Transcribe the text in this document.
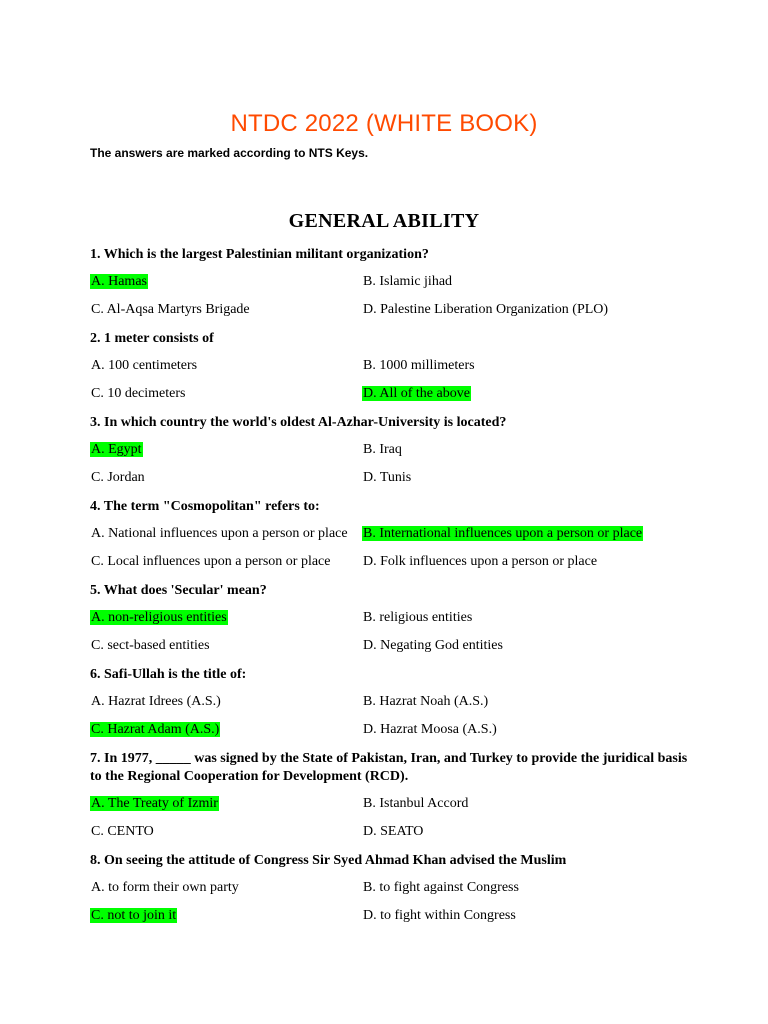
NTDC 2022 (WHITE BOOK)
The answers are marked according to NTS Keys.
GENERAL ABILITY
1. Which is the largest Palestinian militant organization?
A. Hamas	B. Islamic jihad
C. Al-Aqsa Martyrs Brigade	D. Palestine Liberation Organization (PLO)
2. 1 meter consists of
A. 100 centimeters	B. 1000 millimeters
C. 10 decimeters	D. All of the above
3. In which country the world's oldest Al-Azhar-University is located?
A. Egypt	B. Iraq
C. Jordan	D. Tunis
4. The term "Cosmopolitan" refers to:
A. National influences upon a person or place	B. International influences upon a person or place
C. Local influences upon a person or place	D. Folk influences upon a person or place
5. What does 'Secular' mean?
A. non-religious entities	B. religious entities
C. sect-based entities	D. Negating God entities
6. Safi-Ullah is the title of:
A. Hazrat Idrees (A.S.)	B. Hazrat Noah (A.S.)
C. Hazrat Adam (A.S.)	D. Hazrat Moosa (A.S.)
7. In 1977, _____ was signed by the State of Pakistan, Iran, and Turkey to provide the juridical basis to the Regional Cooperation for Development (RCD).
A. The Treaty of Izmir	B. Istanbul Accord
C. CENTO	D. SEATO
8. On seeing the attitude of Congress Sir Syed Ahmad Khan advised the Muslim
A. to form their own party	B. to fight against Congress
C. not to join it	D. to fight within Congress
